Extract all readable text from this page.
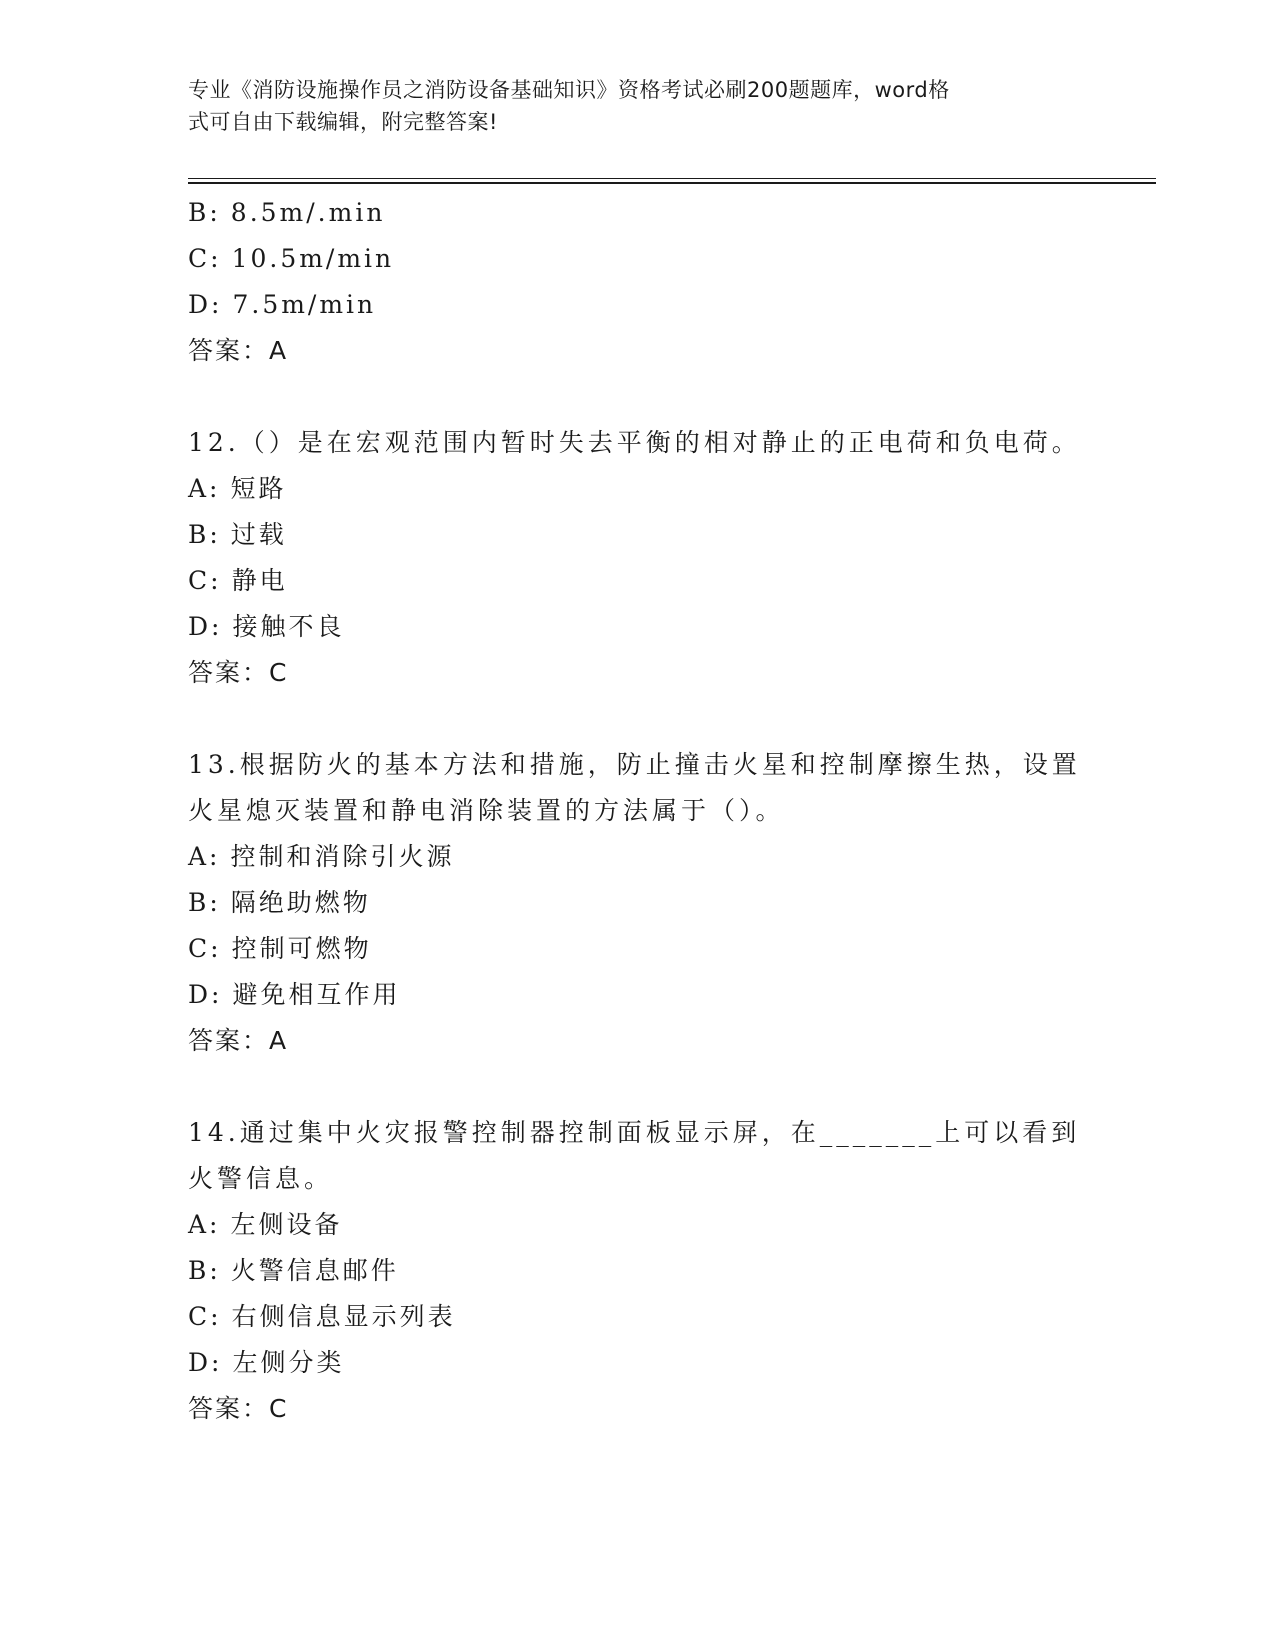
专业《消防设施操作员之消防设备基础知识》资格考试必刷200题题库，word格
式可自由下载编辑，附完整答案!
B: 8.5m/.min
C: 10.5m/min
D: 7.5m/min
答案：A
12.（）是在宏观范围内暂时失去平衡的相对静止的正电荷和负电荷。
A: 短路
B: 过载
C: 静电
D: 接触不良
答案：C
13.根据防火的基本方法和措施，防止撞击火星和控制摩擦生热，设置
火星熄灭装置和静电消除装置的方法属于（）。
A: 控制和消除引火源
B: 隔绝助燃物
C: 控制可燃物
D: 避免相互作用
答案：A
14.通过集中火灾报警控制器控制面板显示屏，在_______上可以看到
火警信息。
A: 左侧设备
B: 火警信息邮件
C: 右侧信息显示列表
D: 左侧分类
答案：C
